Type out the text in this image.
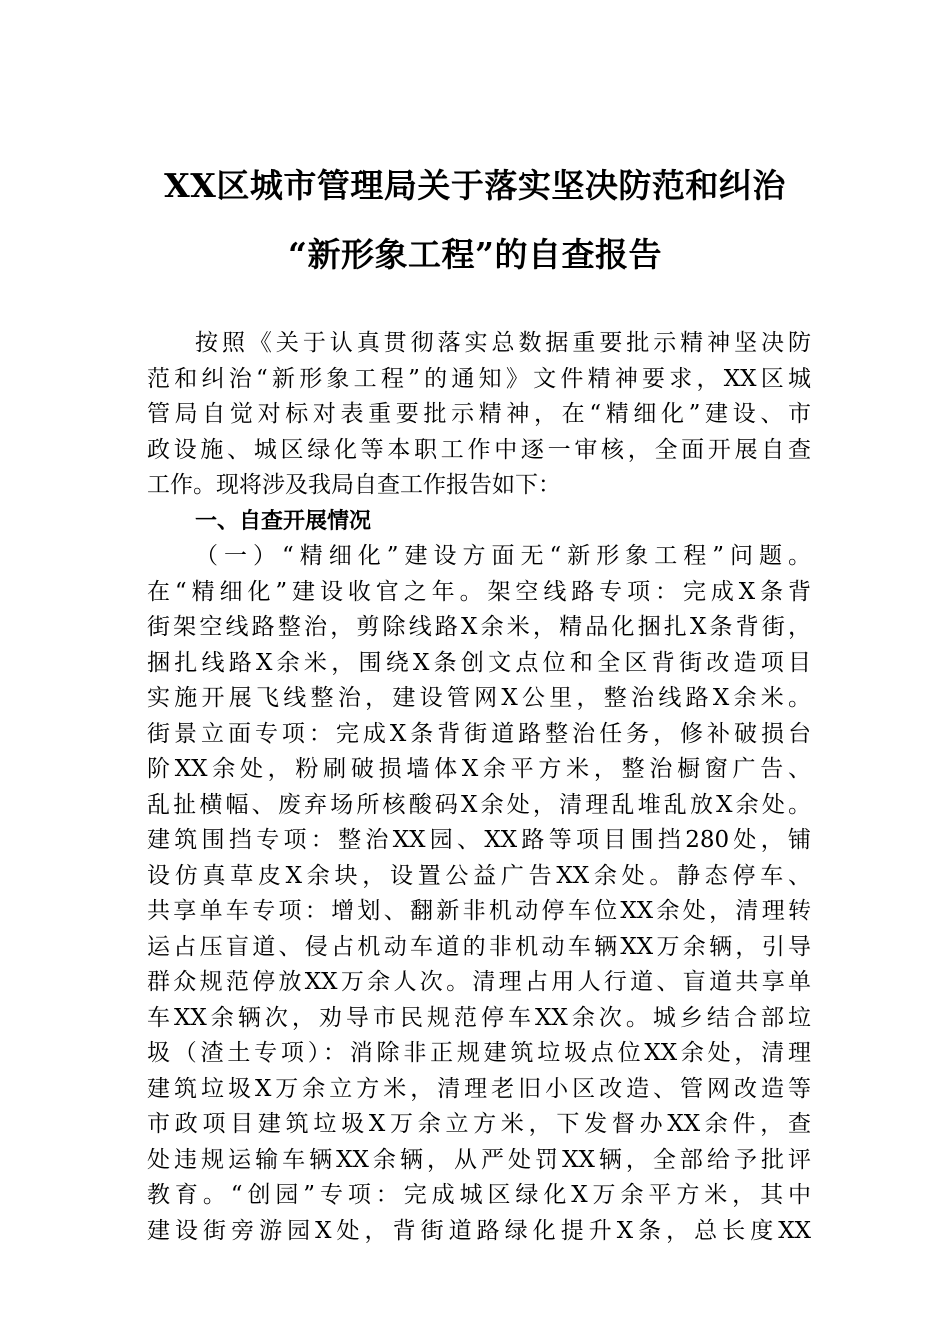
XX区城市管理局关于落实坚决防范和纠治
“新形象工程”的自查报告
按照《关于认真贯彻落实总数据重要批示精神坚决防
范和纠治“新形象工程”的通知》文件精神要求，XX区城
管局自觉对标对表重要批示精神，在“精细化”建设、市
政设施、城区绿化等本职工作中逐一审核，全面开展自查
工作。现将涉及我局自查工作报告如下：
一、自查开展情况
（一）“精细化”建设方面无“新形象工程”问题。
在“精细化”建设收官之年。架空线路专项：完成X条背
街架空线路整治，剪除线路X余米，精品化捆扎X条背街，
捆扎线路X余米，围绕X条创文点位和全区背街改造项目
实施开展飞线整治，建设管网X公里，整治线路X余米。
街景立面专项：完成X条背街道路整治任务，修补破损台
阶XX余处，粉刷破损墙体X余平方米，整治橱窗广告、
乱扯横幅、废弃场所核酸码X余处，清理乱堆乱放X余处。
建筑围挡专项：整治XX园、XX路等项目围挡280处，铺
设仿真草皮X余块，设置公益广告XX余处。静态停车、
共享单车专项：增划、翻新非机动停车位XX余处，清理转
运占压盲道、侵占机动车道的非机动车辆XX万余辆，引导
群众规范停放XX万余人次。清理占用人行道、盲道共享单
车XX余辆次，劝导市民规范停车XX余次。城乡结合部垃
圾（渣土专项）：消除非正规建筑垃圾点位XX余处，清理
建筑垃圾X万余立方米，清理老旧小区改造、管网改造等
市政项目建筑垃圾X万余立方米，下发督办XX余件，查
处违规运输车辆XX余辆，从严处罚XX辆，全部给予批评
教育。“创园”专项：完成城区绿化X万余平方米，其中
建设街旁游园X处，背街道路绿化提升X条，总长度XX
